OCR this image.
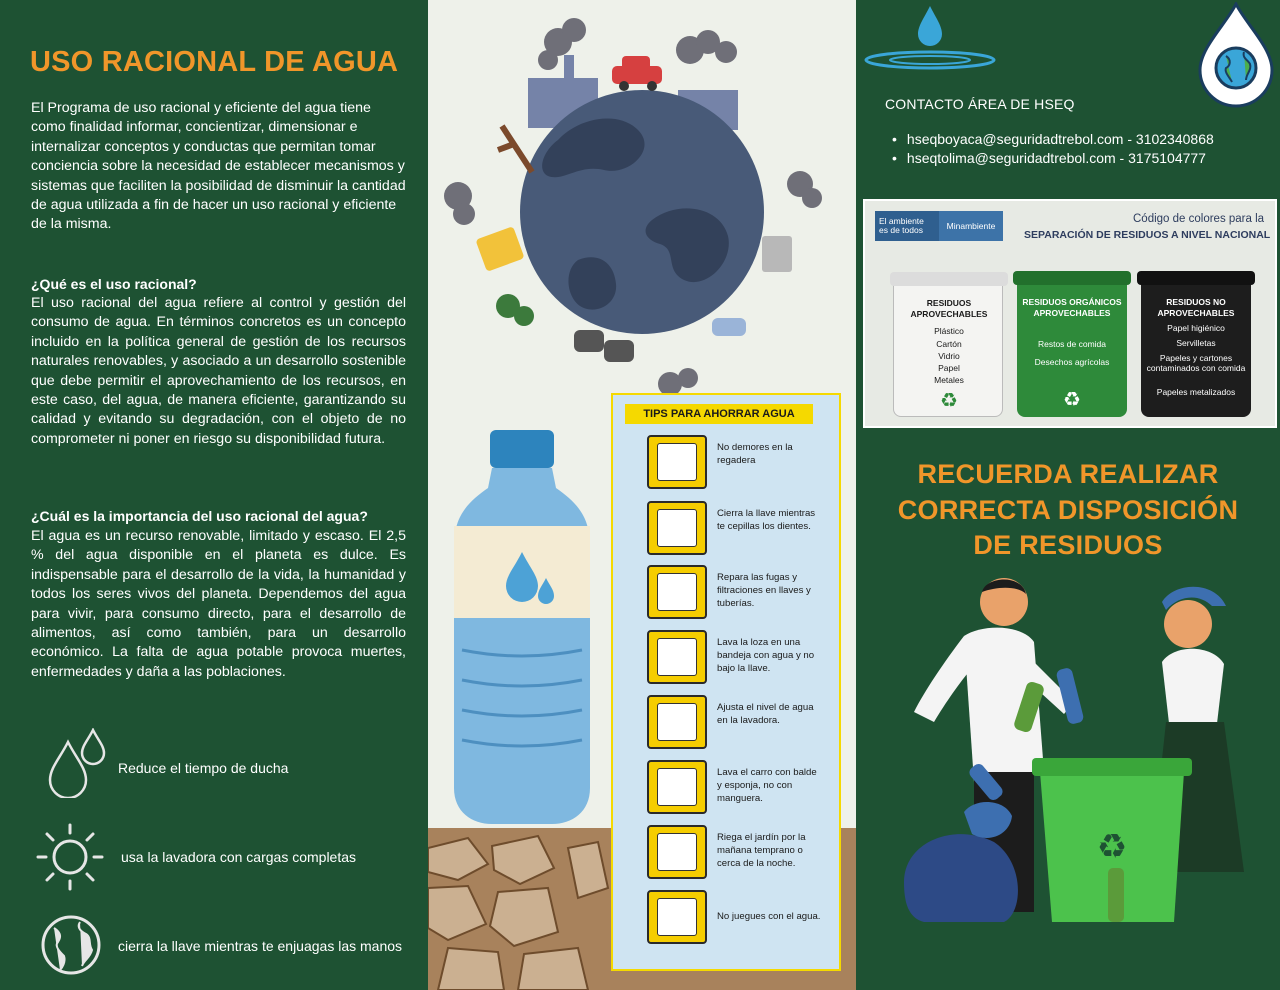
USO RACIONAL DE AGUA
El Programa de uso racional y eficiente del agua tiene como finalidad informar, concientizar, dimensionar e internalizar conceptos y conductas que permitan tomar conciencia sobre la necesidad de establecer mecanismos y sistemas que faciliten la posibilidad de disminuir la cantidad de agua utilizada a fin de hacer un uso racional y eficiente de la misma.
¿Qué es el uso racional?
El uso racional del agua refiere al control y gestión del consumo de agua. En términos concretos es un concepto incluido en la política general de gestión de los recursos naturales renovables, y asociado a un desarrollo sostenible que debe permitir el aprovechamiento de los recursos, en este caso, del agua, de manera eficiente, garantizando su calidad y evitando su degradación, con el objeto de no comprometer ni poner en riesgo su disponibilidad futura.
¿Cuál es la importancia del uso racional del agua?
El agua es un recurso renovable, limitado y escaso. El 2,5 % del agua disponible en el planeta es dulce. Es indispensable para el desarrollo de la vida, la humanidad y todos los seres vivos del planeta. Dependemos del agua para vivir, para consumo directo, para el desarrollo de alimentos, así como también, para un desarrollo económico. La falta de agua potable provoca muertes, enfermedades y daña a las poblaciones.
Reduce el tiempo de ducha
usa la lavadora con cargas completas
cierra la llave mientras te enjuagas las manos
TIPS PARA AHORRAR AGUA
No demores en la regadera
Cierra la llave mientras te cepillas los dientes.
Repara las fugas y filtraciones en llaves y tuberías.
Lava la loza en una bandeja con agua y no bajo la llave.
Ajusta el nivel de agua en la lavadora.
Lava el carro con balde y esponja, no con manguera.
Riega el jardín por la mañana temprano o cerca de la noche.
No juegues con el agua.
CONTACTO ÁREA DE HSEQ
• hseqboyaca@seguridadtrebol.com - 3102340868
• hseqtolima@seguridadtrebol.com - 3175104777
El ambiente es de todos	Minambiente
Código de colores para la
SEPARACIÓN DE RESIDUOS A NIVEL NACIONAL
RESIDUOS APROVECHABLES
Plástico
Cartón
Vidrio
Papel
Metales
♻
RESIDUOS ORGÁNICOS APROVECHABLES
Restos de comida
Desechos agrícolas
♻
RESIDUOS NO APROVECHABLES
Papel higiénico
Servilletas
Papeles y cartones contaminados con comida
Papeles metalizados
RECUERDA REALIZAR
CORRECTA DISPOSICIÓN
DE RESIDUOS
♻
